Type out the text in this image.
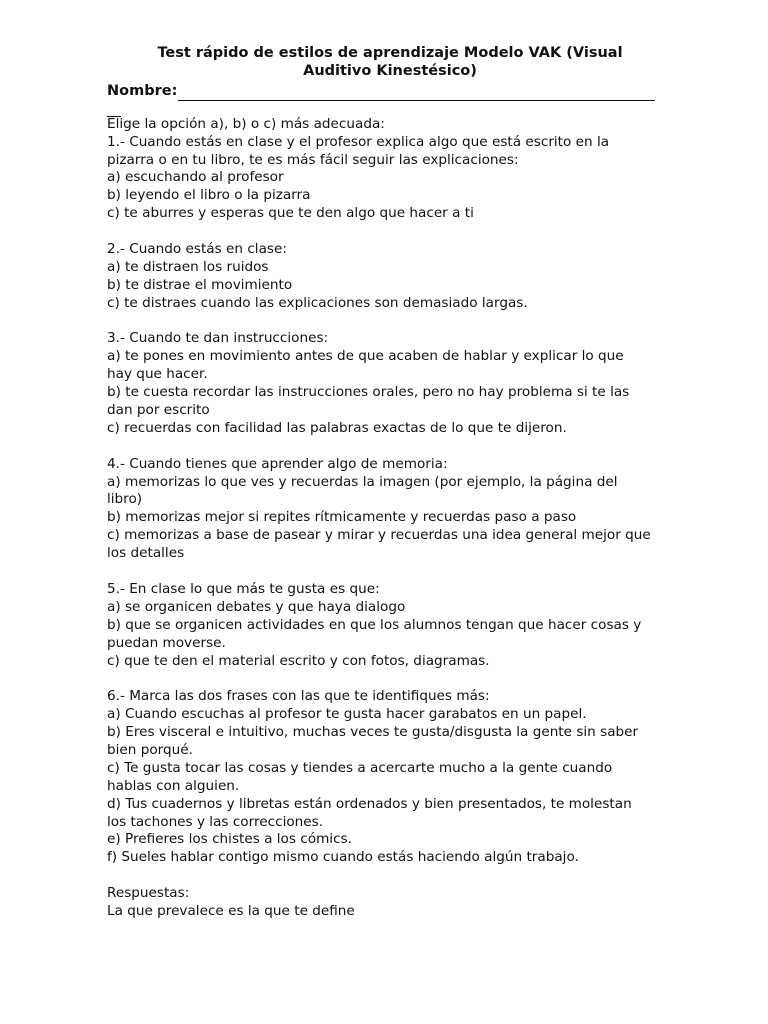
Test rápido de estilos de aprendizaje Modelo VAK (Visual
Auditivo Kinestésico)
Nombre:
Elige la opción a), b) o c) más adecuada:
1.- Cuando estás en clase y el profesor explica algo que está escrito en la
pizarra o en tu libro, te es más fácil seguir las explicaciones:
a) escuchando al profesor
b) leyendo el libro o la pizarra
c) te aburres y esperas que te den algo que hacer a ti
2.- Cuando estás en clase:
a) te distraen los ruidos
b) te distrae el movimiento
c) te distraes cuando las explicaciones son demasiado largas.
3.- Cuando te dan instrucciones:
a) te pones en movimiento antes de que acaben de hablar y explicar lo que
hay que hacer.
b) te cuesta recordar las instrucciones orales, pero no hay problema si te las
dan por escrito
c) recuerdas con facilidad las palabras exactas de lo que te dijeron.
4.- Cuando tienes que aprender algo de memoria:
a) memorizas lo que ves y recuerdas la imagen (por ejemplo, la página del
libro)
b) memorizas mejor si repites rítmicamente y recuerdas paso a paso
c) memorizas a base de pasear y mirar y recuerdas una idea general mejor que
los detalles
5.- En clase lo que más te gusta es que:
a) se organicen debates y que haya dialogo
b) que se organicen actividades en que los alumnos tengan que hacer cosas y
puedan moverse.
c) que te den el material escrito y con fotos, diagramas.
6.- Marca las dos frases con las que te identifiques más:
a) Cuando escuchas al profesor te gusta hacer garabatos en un papel.
b) Eres visceral e intuitivo, muchas veces te gusta/disgusta la gente sin saber
bien porqué.
c) Te gusta tocar las cosas y tiendes a acercarte mucho a la gente cuando
hablas con alguien.
d) Tus cuadernos y libretas están ordenados y bien presentados, te molestan
los tachones y las correcciones.
e) Prefieres los chistes a los cómics.
f) Sueles hablar contigo mismo cuando estás haciendo algún trabajo.
Respuestas:
La que prevalece es la que te define
